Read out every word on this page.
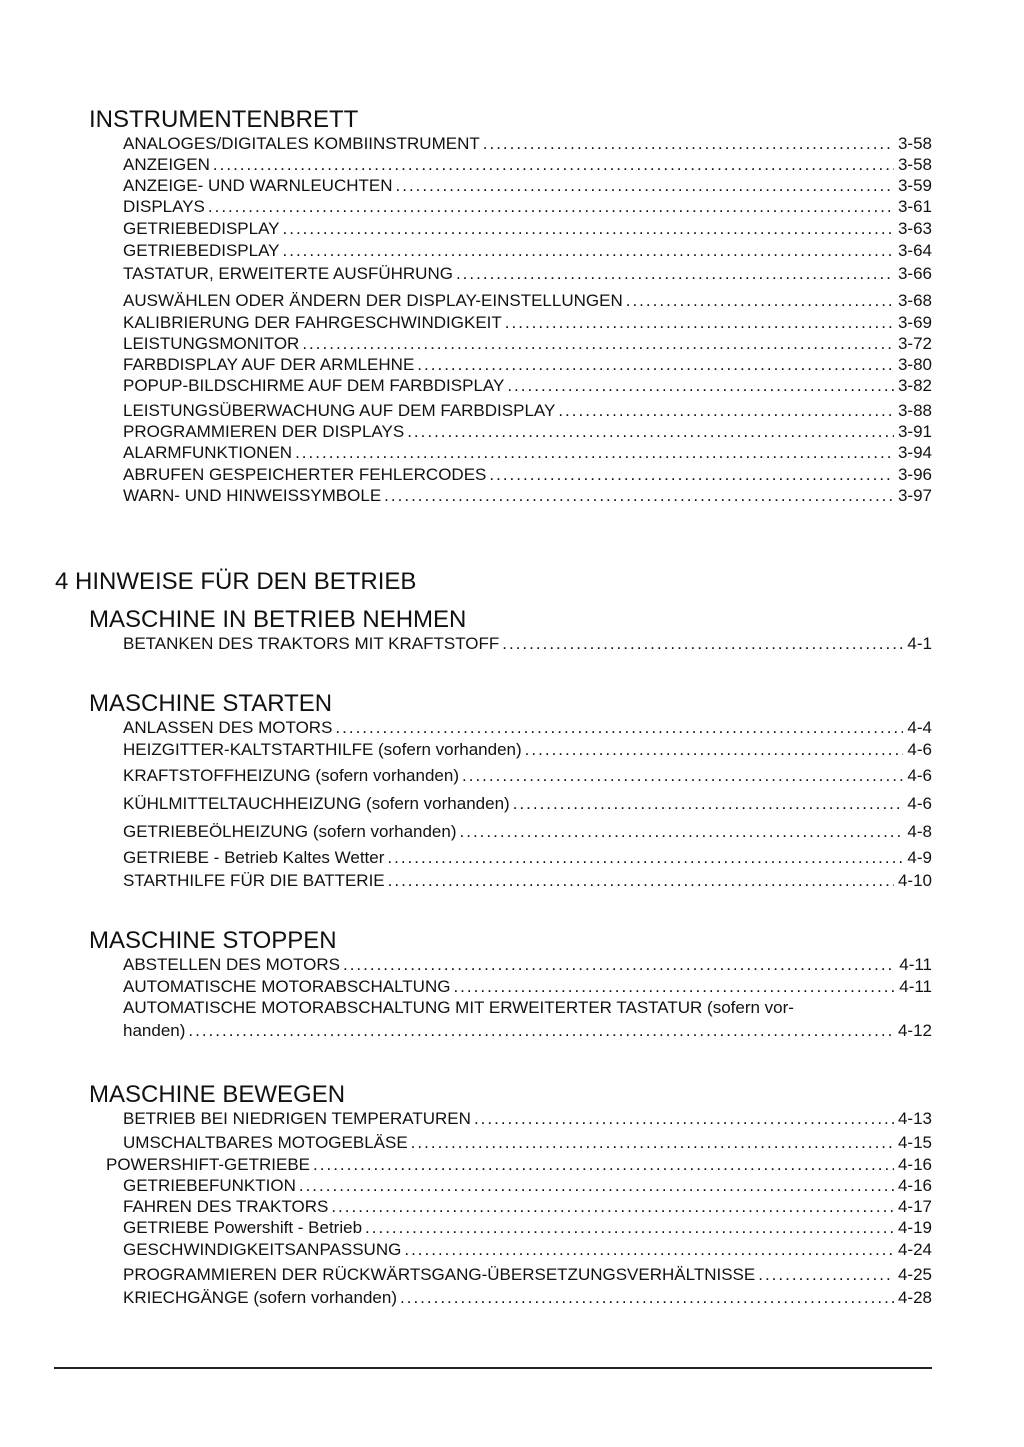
INSTRUMENTENBRETT
ANALOGES/DIGITALES KOMBIINSTRUMENT .....	3-58
ANZEIGEN .....	3-58
ANZEIGE- UND WARNLEUCHTEN .....	3-59
DISPLAYS .....	3-61
GETRIEBEDISPLAY .....	3-63
GETRIEBEDISPLAY .....	3-64
TASTATUR, ERWEITERTE AUSFÜHRUNG .....	3-66
AUSWÄHLEN ODER ÄNDERN DER DISPLAY-EINSTELLUNGEN .....	3-68
KALIBRIERUNG DER FAHRGESCHWINDIGKEIT .....	3-69
LEISTUNGSMONITOR .....	3-72
FARBDISPLAY AUF DER ARMLEHNE .....	3-80
POPUP-BILDSCHIRME AUF DEM FARBDISPLAY .....	3-82
LEISTUNGSÜBERWACHUNG AUF DEM FARBDISPLAY .....	3-88
PROGRAMMIEREN DER DISPLAYS .....	3-91
ALARMFUNKTIONEN .....	3-94
ABRUFEN GESPEICHERTER FEHLERCODES .....	3-96
WARN- UND HINWEISSYMBOLE .....	3-97
4 HINWEISE FÜR DEN BETRIEB
MASCHINE IN BETRIEB NEHMEN
BETANKEN DES TRAKTORS MIT KRAFTSTOFF .....	4-1
MASCHINE STARTEN
ANLASSEN DES MOTORS .....	4-4
HEIZGITTER-KALTSTARTHILFE (sofern vorhanden) .....	4-6
KRAFTSTOFFHEIZUNG (sofern vorhanden) .....	4-6
KÜHLMITTELTAUCHHEIZUNG (sofern vorhanden) .....	4-6
GETRIEBEÖLHEIZUNG (sofern vorhanden) .....	4-8
GETRIEBE - Betrieb Kaltes Wetter .....	4-9
STARTHILFE FÜR DIE BATTERIE .....	4-10
MASCHINE STOPPEN
ABSTELLEN DES MOTORS .....	4-11
AUTOMATISCHE MOTORABSCHALTUNG .....	4-11
AUTOMATISCHE MOTORABSCHALTUNG MIT ERWEITERTER TASTATUR (sofern vor-
handen) .....	4-12
MASCHINE BEWEGEN
BETRIEB BEI NIEDRIGEN TEMPERATUREN .....	4-13
UMSCHALTBARES MOTOGEBLÄSE .....	4-15
POWERSHIFT-GETRIEBE .....	4-16
GETRIEBEFUNKTION .....	4-16
FAHREN DES TRAKTORS .....	4-17
GETRIEBE Powershift - Betrieb .....	4-19
GESCHWINDIGKEITSANPASSUNG .....	4-24
PROGRAMMIEREN DER RÜCKWÄRTSGANG-ÜBERSETZUNGSVERHÄLTNISSE .....	4-25
KRIECHGÄNGE (sofern vorhanden) .....	4-28
